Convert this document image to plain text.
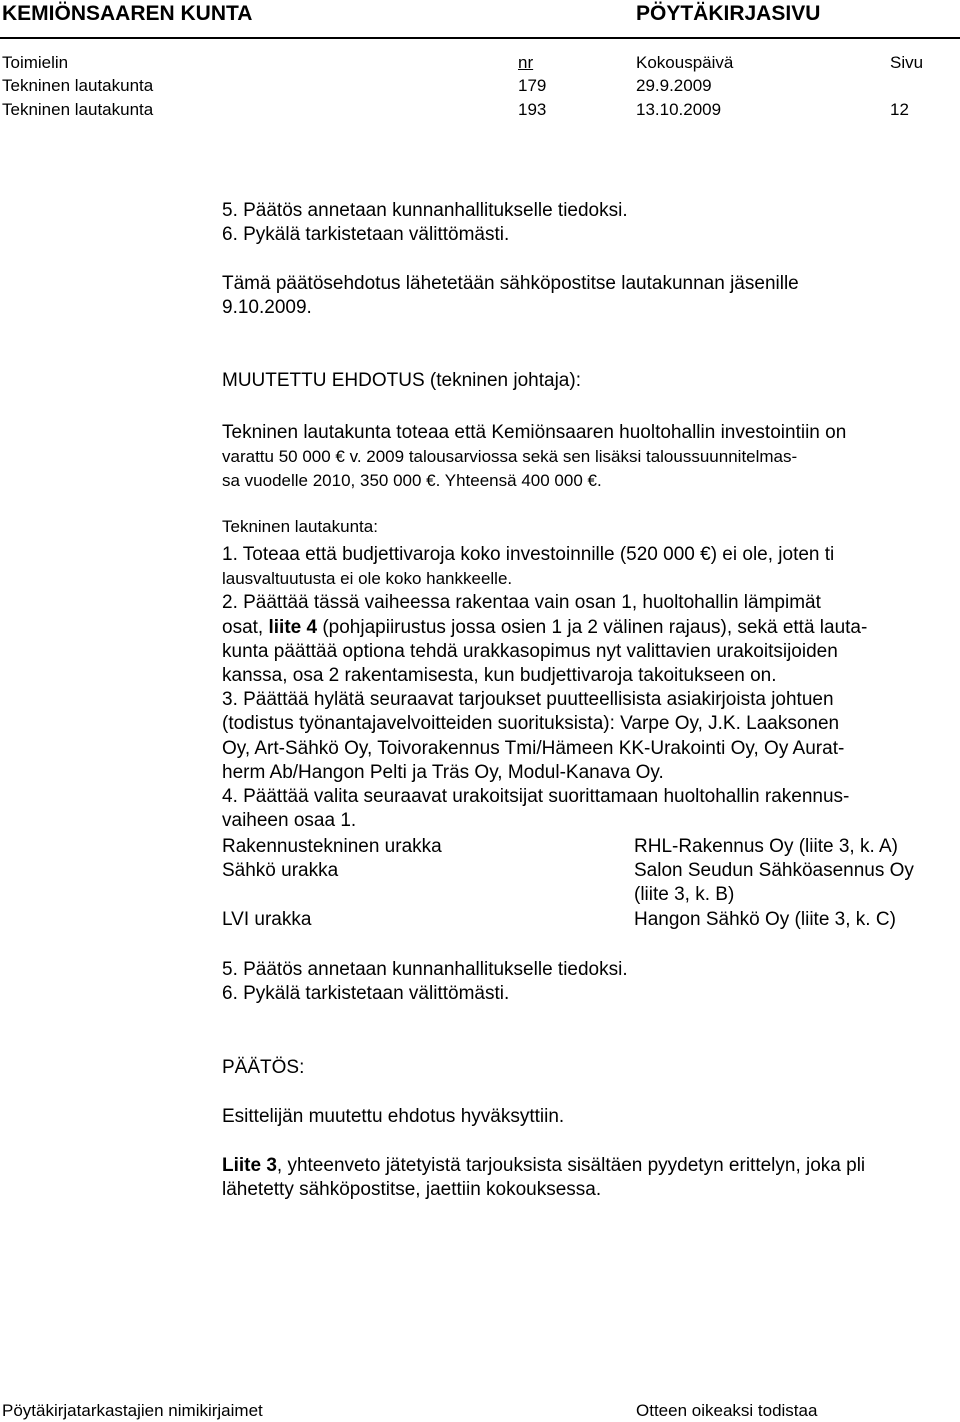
KEMIÖNSAAREN KUNTA	PÖYTÄKIRJASIVU
Toimielin	nr	Kokouspäivä	Sivu
Tekninen lautakunta	179	29.9.2009
Tekninen lautakunta	193	13.10.2009	12

5. Päätös annetaan kunnanhallitukselle tiedoksi.

6. Pykälä tarkistetaan välittömästi.

Tämä päätösehdotus lähetetään sähköpostitse lautakunnan jäsenille

9.10.2009.

MUUTETTU EHDOTUS (tekninen johtaja):

Tekninen lautakunta toteaa että Kemiönsaaren huoltohallin investointiin on

varattu 50 000 € v. 2009 talousarviossa sekä sen lisäksi taloussuunnitelmas-

sa vuodelle 2010, 350 000 €. Yhteensä 400 000 €.

Tekninen lautakunta:

1. Toteaa että budjettivaroja koko investoinnille (520 000 €) ei ole, joten ti

lausvaltuutusta ei ole koko hankkeelle.

2. Päättää tässä vaiheessa rakentaa vain osan 1, huoltohallin lämpimät

osat, liite 4 (pohjapiirustus jossa osien 1 ja 2 välinen rajaus), sekä että lauta-

kunta päättää optiona tehdä urakkasopimus nyt valittavien urakoitsijoiden

kanssa, osa 2 rakentamisesta, kun budjettivaroja takoitukseen on.

3. Päättää hylätä seuraavat tarjoukset puutteellisista asiakirjoista johtuen

(todistus työnantajavelvoitteiden suorituksista): Varpe Oy, J.K. Laaksonen

Oy, Art-Sähkö Oy, Toivorakennus Tmi/Hämeen KK-Urakointi Oy, Oy Aurat-

herm Ab/Hangon Pelti ja Träs Oy, Modul-Kanava Oy.

4. Päättää valita seuraavat urakoitsijat suorittamaan huoltohallin rakennus-

vaiheen osaa 1.

Rakennustekninen urakka	RHL-Rakennus Oy (liite 3, k. A)
Sähkö urakka	Salon Seudun Sähköasennus Oy
(liite 3, k. B)
LVI urakka	Hangon Sähkö Oy (liite 3, k. C)

5. Päätös annetaan kunnanhallitukselle tiedoksi.

6. Pykälä tarkistetaan välittömästi.

PÄÄTÖS:

Esittelijän muutettu ehdotus hyväksyttiin.

Liite 3, yhteenveto jätetyistä tarjouksista sisältäen pyydetyn erittelyn, joka pli

lähetetty sähköpostitse, jaettiin kokouksessa.

Pöytäkirjatarkastajien nimikirjaimet	Otteen oikeaksi todistaa
